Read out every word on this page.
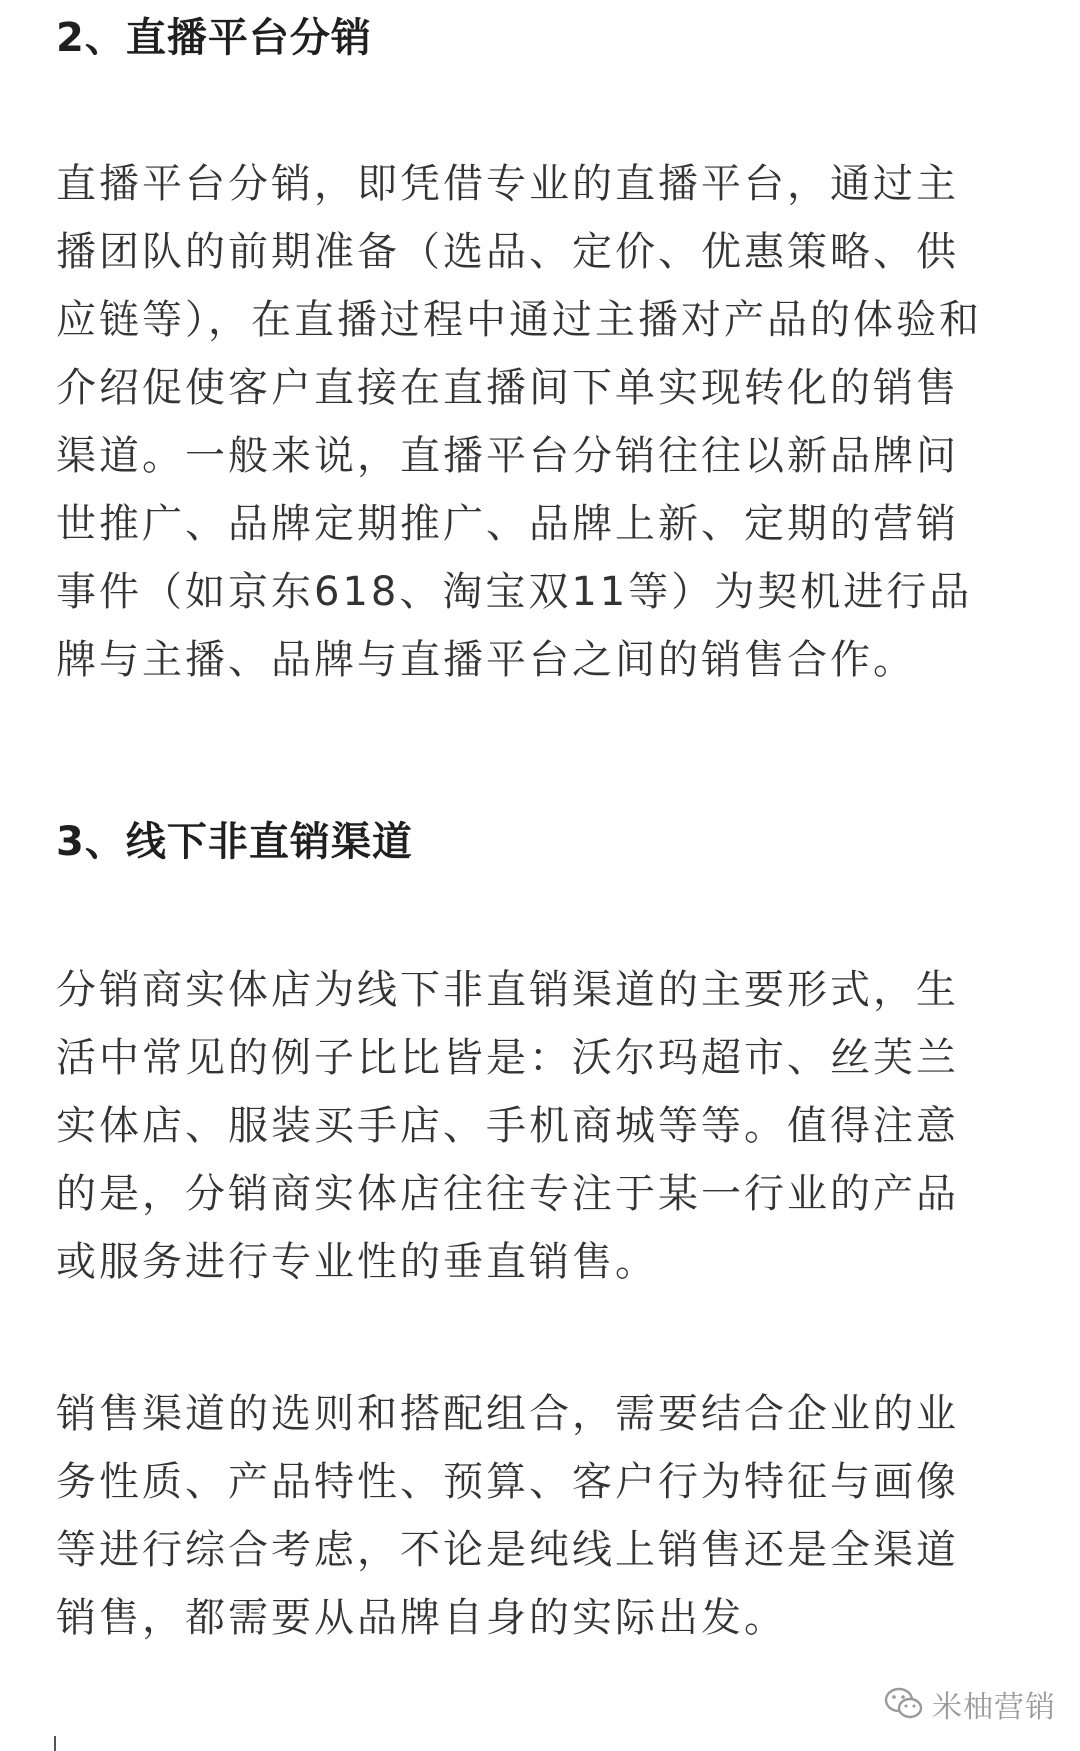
2、直播平台分销

直播平台分销，即凭借专业的直播平台，通过主播团队的前期准备（选品、定价、优惠策略、供应链等），在直播过程中通过主播对产品的体验和介绍促使客户直接在直播间下单实现转化的销售渠道。一般来说，直播平台分销往往以新品牌问世推广、品牌定期推广、品牌上新、定期的营销事件（如京东618、淘宝双11等）为契机进行品牌与主播、品牌与直播平台之间的销售合作。

3、线下非直销渠道

分销商实体店为线下非直销渠道的主要形式，生活中常见的例子比比皆是：沃尔玛超市、丝芙兰实体店、服装买手店、手机商城等等。值得注意的是，分销商实体店往往专注于某一行业的产品或服务进行专业性的垂直销售。

销售渠道的选则和搭配组合，需要结合企业的业务性质、产品特性、预算、客户行为特征与画像等进行综合考虑，不论是纯线上销售还是全渠道销售，都需要从品牌自身的实际出发。

米柚营销
